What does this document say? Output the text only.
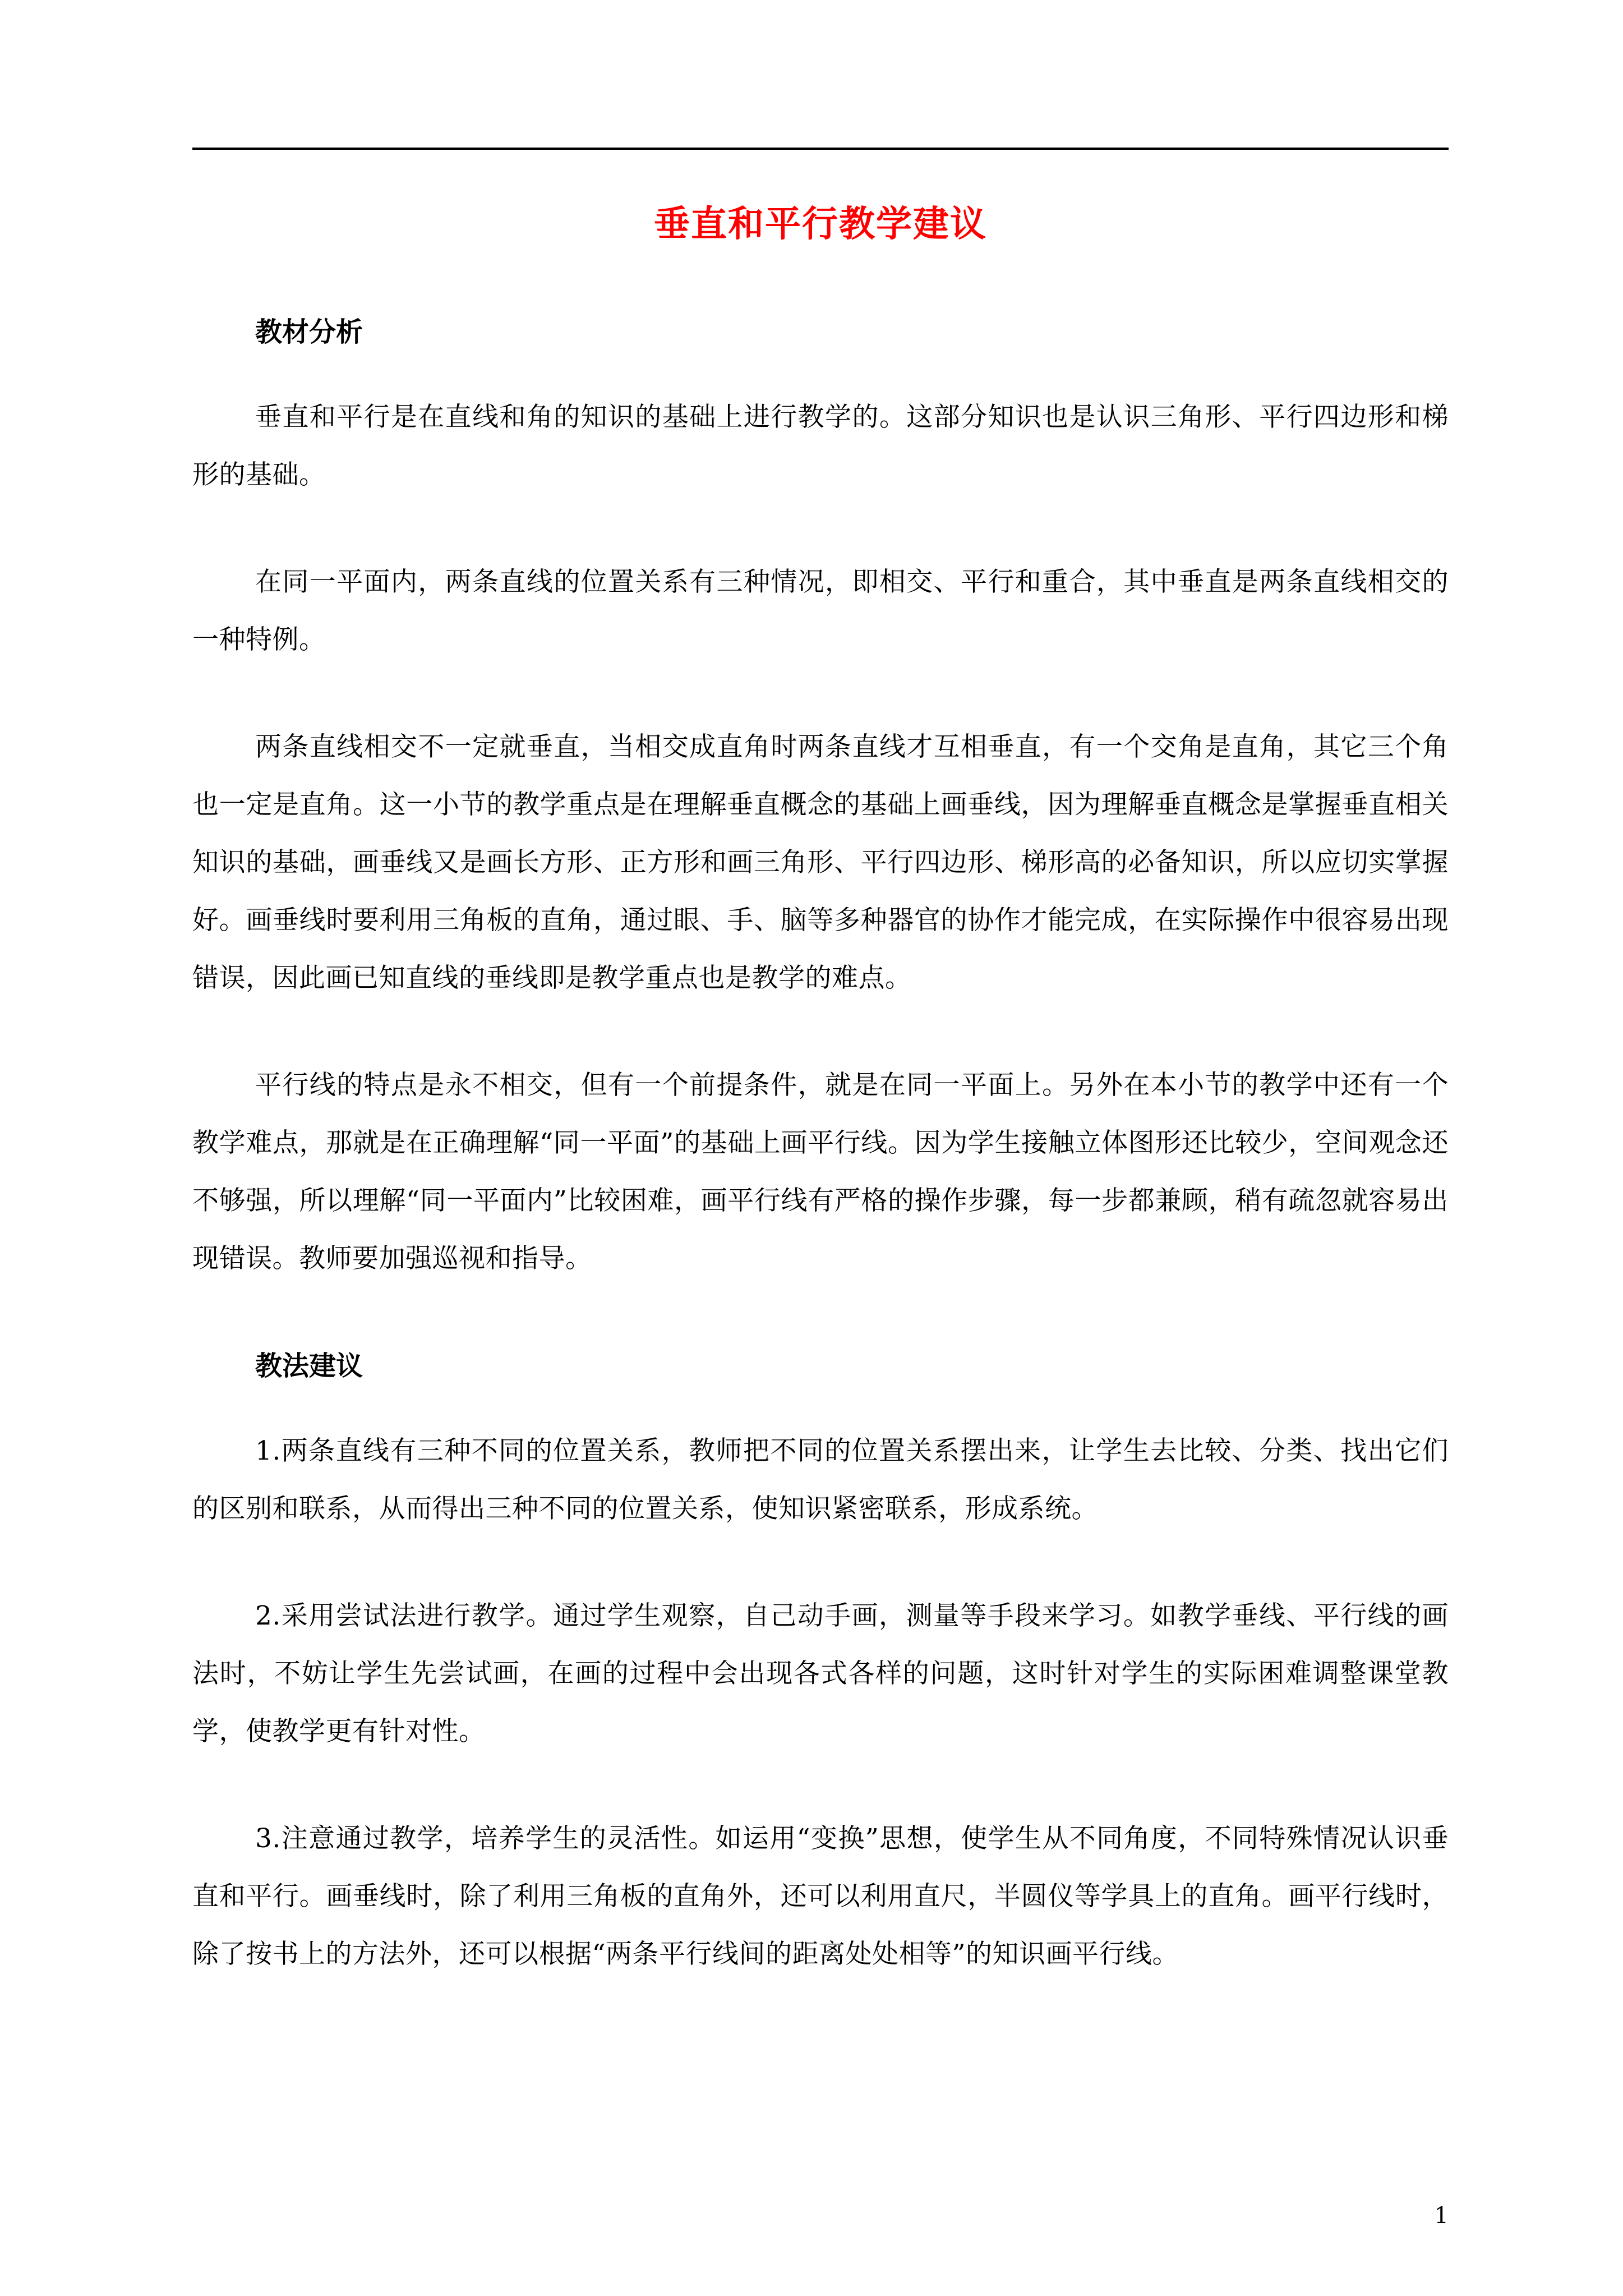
垂直和平行教学建议
教材分析

垂直和平行是在直线和角的知识的基础上进行教学的。这部分知识也是认识三角形、平行四边形和梯形的基础。

在同一平面内，两条直线的位置关系有三种情况，即相交、平行和重合，其中垂直是两条直线相交的一种特例。

两条直线相交不一定就垂直，当相交成直角时两条直线才互相垂直，有一个交角是直角，其它三个角也一定是直角。这一小节的教学重点是在理解垂直概念的基础上画垂线，因为理解垂直概念是掌握垂直相关知识的基础，画垂线又是画长方形、正方形和画三角形、平行四边形、梯形高的必备知识，所以应切实掌握好。画垂线时要利用三角板的直角，通过眼、手、脑等多种器官的协作才能完成，在实际操作中很容易出现错误，因此画已知直线的垂线即是教学重点也是教学的难点。

平行线的特点是永不相交，但有一个前提条件，就是在同一平面上。另外在本小节的教学中还有一个教学难点，那就是在正确理解“同一平面”的基础上画平行线。因为学生接触立体图形还比较少，空间观念还不够强，所以理解“同一平面内”比较困难，画平行线有严格的操作步骤，每一步都兼顾，稍有疏忽就容易出现错误。教师要加强巡视和指导。

教法建议

1.两条直线有三种不同的位置关系，教师把不同的位置关系摆出来，让学生去比较、分类、找出它们的区别和联系，从而得出三种不同的位置关系，使知识紧密联系，形成系统。

2.采用尝试法进行教学。通过学生观察，自己动手画，测量等手段来学习。如教学垂线、平行线的画法时，不妨让学生先尝试画，在画的过程中会出现各式各样的问题，这时针对学生的实际困难调整课堂教学，使教学更有针对性。

3.注意通过教学，培养学生的灵活性。如运用“变换”思想，使学生从不同角度，不同特殊情况认识垂直和平行。画垂线时，除了利用三角板的直角外，还可以利用直尺，半圆仪等学具上的直角。画平行线时，除了按书上的方法外，还可以根据“两条平行线间的距离处处相等”的知识画平行线。

1
